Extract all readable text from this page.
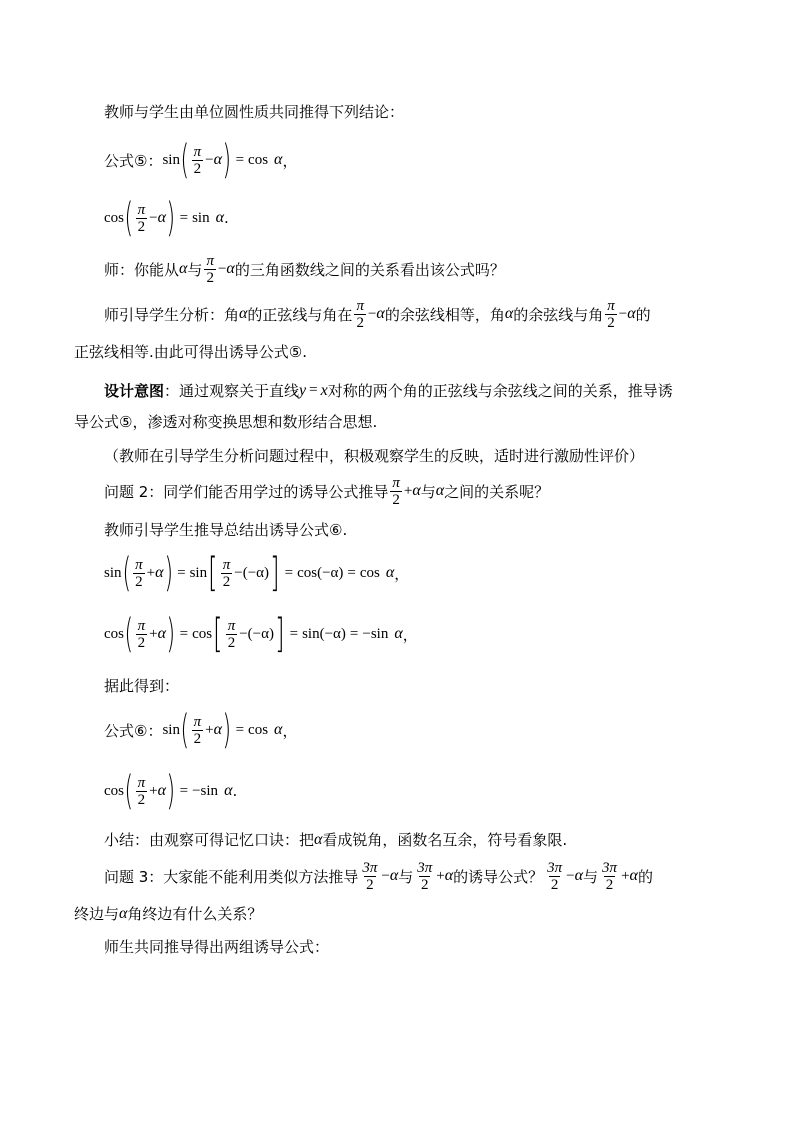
教师与学生由单位圆性质共同推得下列结论：
公式⑤： sin ( $\frac{\pi}{2} - \alpha$ ) = cos α ，
cos ( $\frac{\pi}{2} - \alpha$ ) = sin α .
师：你能从 α 与 $\frac{\pi}{2} - \alpha$ 的三角函数线之间的关系看出该公式吗？
师引导学生分析：角 α 的正弦线与角在 $\frac{\pi}{2} - \alpha$ 的余弦线相等，角 α 的余弦线与角 $\frac{\pi}{2} - \alpha$ 的
正弦线相等.由此可得出诱导公式⑤.
设计意图 ：通过观察关于直线 y = x 对称的两个角的正弦线与余弦线之间的关系，推导诱
导公式⑤，渗透对称变换思想和数形结合思想.
（教师在引导学生分析问题过程中，积极观察学生的反映，适时进行激励性评价）
问题 2：同学们能否用学过的诱导公式推导 $\frac{\pi}{2} + \alpha$ 与 α 之间的关系呢？
教师引导学生推导总结出诱导公式⑥.
sin ( $\frac{\pi}{2} + \alpha$ ) = sin [ $\frac{\pi}{2} - (-\alpha)$ ] = cos(−α) = cos α ，
cos ( $\frac{\pi}{2} + \alpha$ ) = cos [ $\frac{\pi}{2} - (-\alpha)$ ] = sin(−α) = − sin α ，
据此得到：
公式⑥： sin ( $\frac{\pi}{2} + \alpha$ ) = cos α ，
cos ( $\frac{\pi}{2} + \alpha$ ) = − sin α .
小结：由观察可得记忆口诀：把 α 看成锐角，函数名互余，符号看象限.
问题 3：大家能不能利用类似方法推导 $\frac{3\pi}{2} - \alpha$ 与 $\frac{3\pi}{2} + \alpha$ 的诱导公式？ $\frac{3\pi}{2} - \alpha$ 与 $\frac{3\pi}{2} + \alpha$ 的
终边与 α 角终边有什么关系？
师生共同推导得出两组诱导公式：
